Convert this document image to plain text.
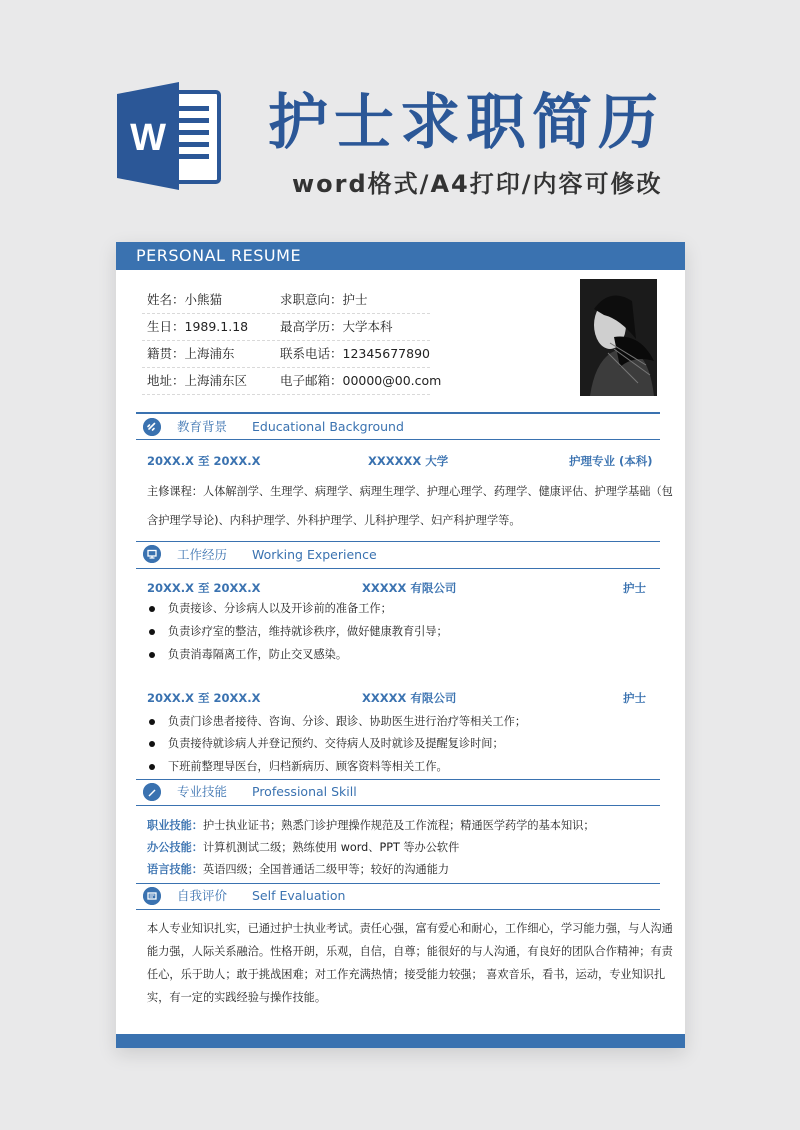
W 护士求职简历
word格式/A4打印/内容可修改
PERSONAL RESUME
姓名：小熊猫	求职意向：护士
生日：1989.1.18	最高学历：大学本科
籍贯：上海浦东	联系电话：12345677890
地址：上海浦东区	电子邮箱：00000@00.com
教育背景 Educational Background
20XX.X 至 20XX.X	XXXXXX 大学	护理专业 (本科)
主修课程：人体解剖学、生理学、病理学、病理生理学、护理心理学、药理学、健康评估、护理学基础（包
含护理学导论)、内科护理学、外科护理学、儿科护理学、妇产科护理学等。
工作经历 Working Experience
20XX.X 至 20XX.X	XXXXX 有限公司	护士
负责接诊、分诊病人以及开诊前的准备工作；
负责诊疗室的整洁，维持就诊秩序，做好健康教育引导；
负责消毒隔离工作，防止交叉感染。
20XX.X 至 20XX.X	XXXXX 有限公司	护士
负责门诊患者接待、咨询、分诊、跟诊、协助医生进行治疗等相关工作；
负责接待就诊病人并登记预约、交待病人及时就诊及提醒复诊时间；
下班前整理导医台，归档新病历、顾客资料等相关工作。
专业技能 Professional Skill
职业技能：护士执业证书；熟悉门诊护理操作规范及工作流程；精通医学药学的基本知识；
办公技能：计算机测试二级；熟练使用 word、PPT 等办公软件
语言技能：英语四级；全国普通话二级甲等；较好的沟通能力
自我评价 Self Evaluation
本人专业知识扎实，已通过护士执业考试。责任心强，富有爱心和耐心，工作细心，学习能力强，与人沟通
能力强，人际关系融洽。性格开朗，乐观，自信，自尊；能很好的与人沟通，有良好的团队合作精神；有责
任心，乐于助人；敢于挑战困难；对工作充满热情；接受能力较强； 喜欢音乐，看书，运动，专业知识扎
实，有一定的实践经验与操作技能。
